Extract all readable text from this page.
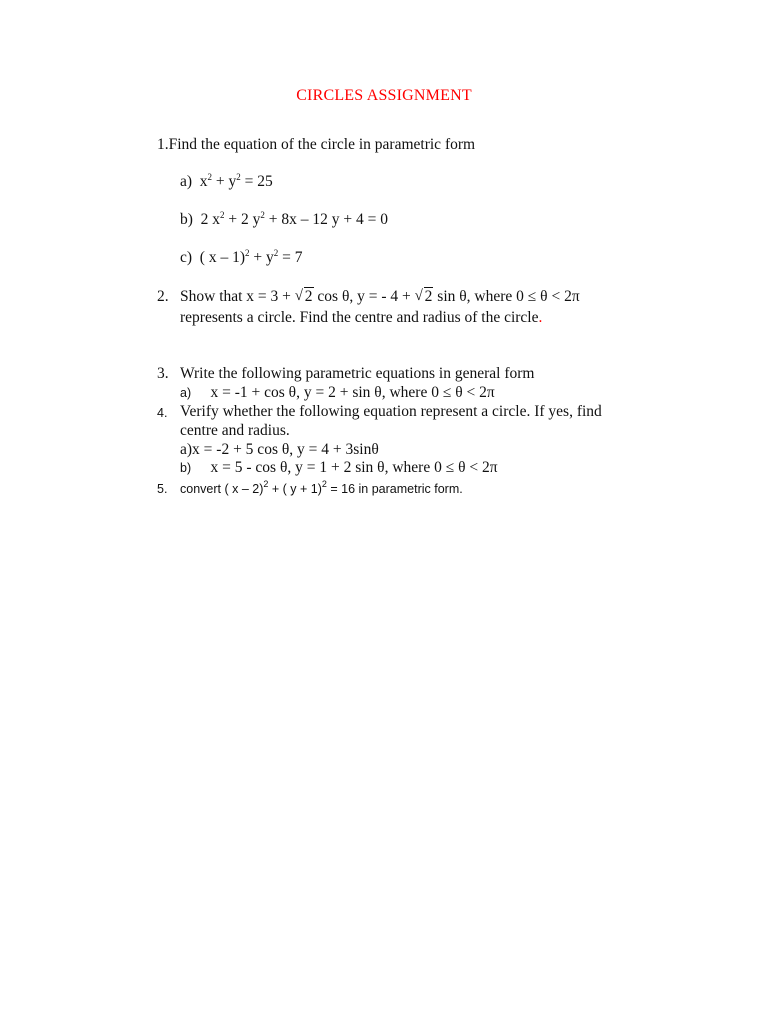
CIRCLES ASSIGNMENT
1.Find the equation of the circle in parametric form
a) $x^2 + y^2 = 25$
b) 2 $x^2 + 2$ $y^2 + 8x - 12$ y + 4 = 0
c) ( $x - 1)^2 + y^2 = 7$
2. Show that x = 3 + √ 2 cos θ, y = - 4 + √ 2 sin θ, where 0 ≤ θ < 2π
represents a circle. Find the centre and radius of the circle.
3. Write the following parametric equations in general form
a) x = -1 + cos θ, y = 2 + sin θ, where 0 ≤ θ < 2π
4. Verify whether the following equation represent a circle. If yes, find
centre and radius.
a)x = -2 + 5 cos θ, y = 4 + 3sinθ
b) x = 5 - cos θ, y = 1 + 2 sin θ, where 0 ≤ θ < 2π
5. convert ( x – 2)$^2$ + ( y + 1)$^2$ = 16 in parametric form.
